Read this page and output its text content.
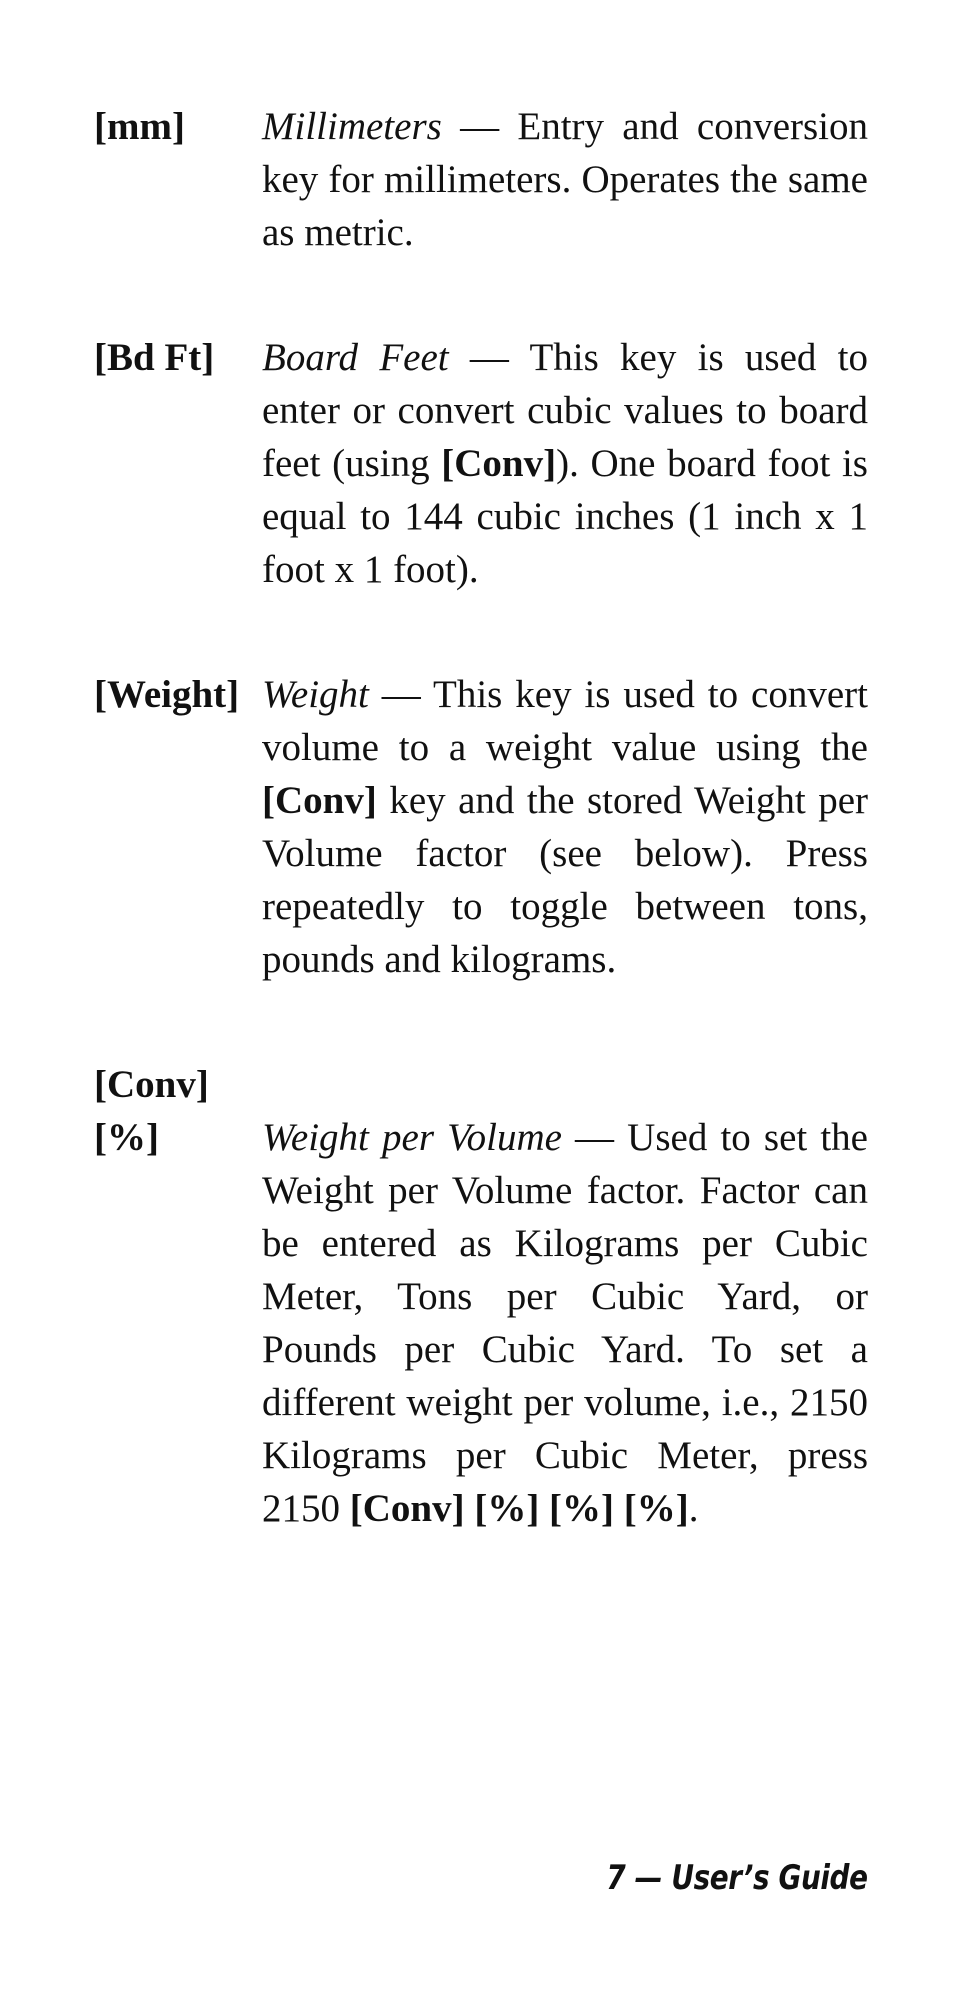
[mm]	Millimeters — Entry and conversion key for millimeters. Operates the same as metric.
[Bd Ft]	Board Feet — This key is used to enter or convert cubic values to board feet (using [Conv]). One board foot is equal to 144 cubic inches (1 inch x 1 foot x 1 foot).
[Weight] Weight — This key is used to convert volume to a weight value using the [Conv] key and the stored Weight per Volume factor (see below). Press repeatedly to toggle between tons, pounds and kilograms.
[Conv]
[%]	Weight per Volume — Used to set the Weight per Volume factor. Factor can be entered as Kilograms per Cubic Meter, Tons per Cubic Yard, or Pounds per Cubic Yard. To set a different weight per volume, i.e., 2150 Kilograms per Cubic Meter, press 2150 [Conv] [%] [%] [%].
7 — User’s Guide
